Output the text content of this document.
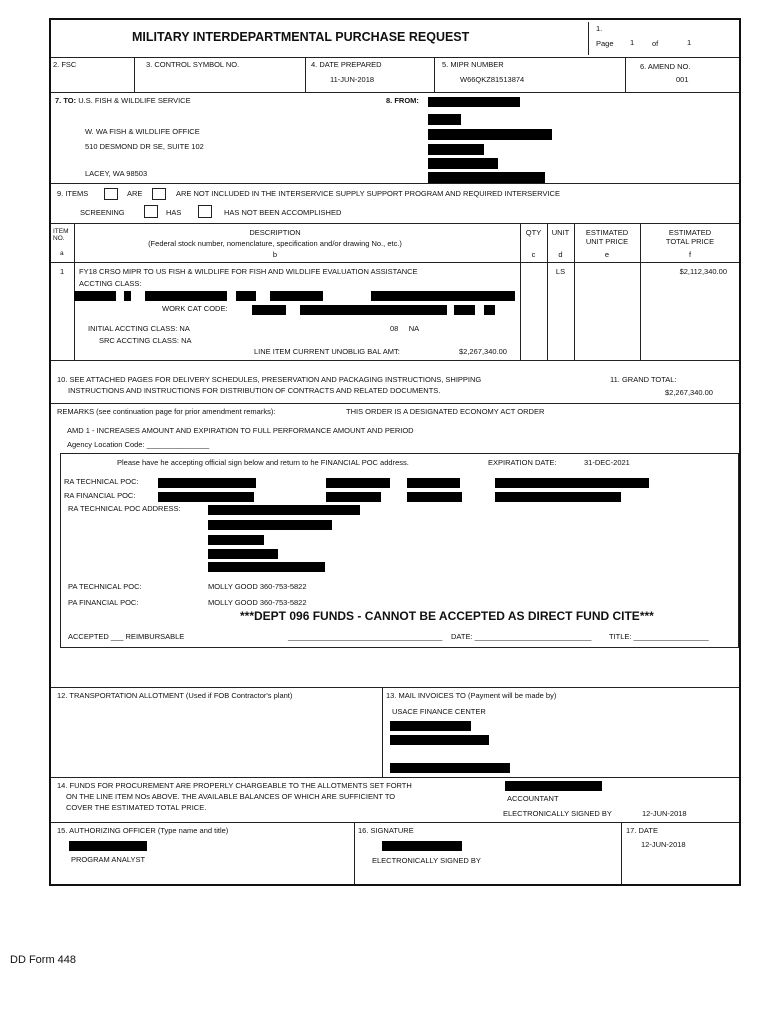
MILITARY INTERDEPARTMENTAL PURCHASE REQUEST
1.
Page 1 of	1
2. FSC	3. CONTROL SYMBOL NO.	4. DATE PREPARED
11-JUN-2018
5. MIPR NUMBER
W66QKZ81513874
6. AMEND NO.
001
7. TO: U.S. FISH & WILDLIFE SERVICE
W. WA FISH & WILDLIFE OFFICE
510 DESMOND DR SE, SUITE 102
LACEY, WA 98503
8. FROM:
9. ITEMS	ARE	ARE NOT INCLUDED IN THE INTERSERVICE SUPPLY SUPPORT PROGRAM AND REQUIRED INTERSERVICE
SCREENING	HAS	HAS NOT BEEN ACCOMPLISHED
ITEM
NO.
a
DESCRIPTION
(Federal stock number, nomenclature, specification and/or drawing No., etc.)
b
QTY
c
UNIT
d
ESTIMATED
UNIT PRICE
e
ESTIMATED
TOTAL PRICE
f
1 FY18 CRSO MIPR TO US FISH & WILDLIFE FOR FISH AND WILDLIFE EVALUATION ASSISTANCE
ACCTING CLASS:
LS	$2,112,340.00
WORK CAT CODE:
INITIAL ACCTING CLASS: NA	08     NA
SRC ACCTING CLASS: NA
LINE ITEM CURRENT UNOBLIG BAL AMT:	$2,267,340.00
10. SEE ATTACHED PAGES FOR DELIVERY SCHEDULES, PRESERVATION AND PACKAGING INSTRUCTIONS, SHIPPING
INSTRUCTIONS AND INSTRUCTIONS FOR DISTRIBUTION OF CONTRACTS AND RELATED DOCUMENTS.
11. GRAND TOTAL:
$2,267,340.00
REMARKS (see continuation page for prior amendment remarks):	THIS ORDER IS A DESIGNATED ECONOMY ACT ORDER
AMD 1 - INCREASES AMOUNT AND EXPIRATION TO FULL PERFORMANCE AMOUNT AND PERIOD
Agency Location Code: _______________
Please have he accepting official sign below and return to he FINANCIAL POC address.	EXPIRATION DATE:	31-DEC-2021
RA TECHNICAL POC:
RA FINANCIAL POC:
RA TECHNICAL POC ADDRESS:
PA TECHNICAL POC:	MOLLY GOOD 360-753-5822
PA FINANCIAL POC:	MOLLY GOOD 360-753-5822
***DEPT 096 FUNDS - CANNOT BE ACCEPTED AS DIRECT FUND CITE***
ACCEPTED ___ REIMBURSABLE	_____________________________________ DATE: ____________________________ TITLE: __________________
12. TRANSPORTATION ALLOTMENT (Used if FOB Contractor's plant)	13. MAIL INVOICES TO (Payment will be made by)
USACE FINANCE CENTER
14. FUNDS FOR PROCUREMENT ARE PROPERLY CHARGEABLE TO THE ALLOTMENTS SET FORTH
ON THE LINE ITEM NOs ABOVE. THE AVAILABLE BALANCES OF WHICH ARE SUFFICIENT TO
COVER THE ESTIMATED TOTAL PRICE.
ACCOUNTANT
ELECTRONICALLY SIGNED BY	12-JUN-2018
15. AUTHORIZING OFFICER (Type name and title)
PROGRAM ANALYST
16. SIGNATURE
ELECTRONICALLY SIGNED BY
17. DATE
12-JUN-2018
DD Form 448
